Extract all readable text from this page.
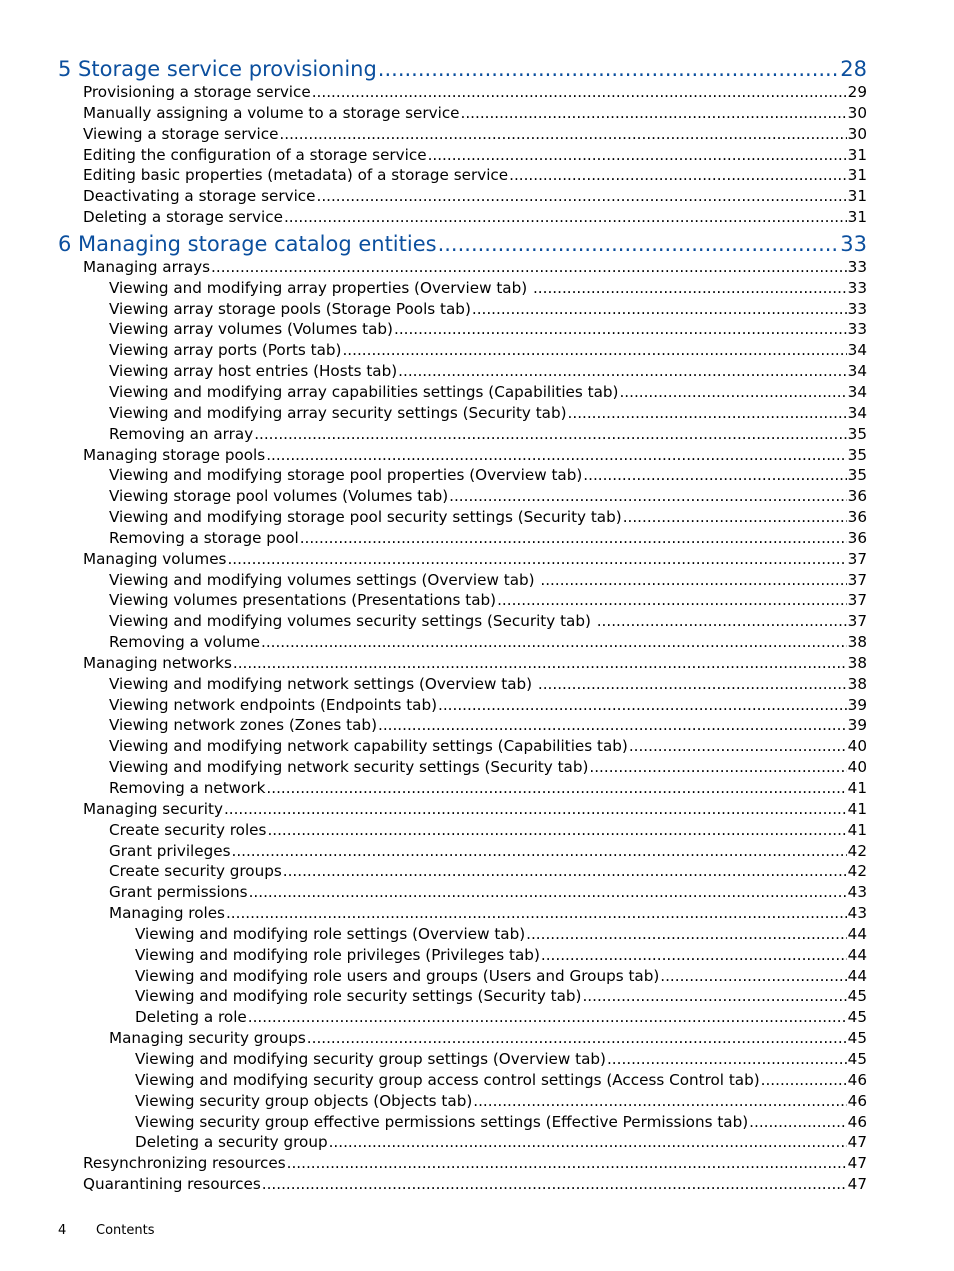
5 Storage service provisioning .....	28
Provisioning a storage service .....	29
Manually assigning a volume to a storage service .....	30
Viewing a storage service .....	30
Editing the configuration of a storage service .....	31
Editing basic properties (metadata) of a storage service .....	31
Deactivating a storage service .....	31
Deleting a storage service .....	31
6 Managing storage catalog entities .....	33
Managing arrays .....	33
Viewing and modifying array properties (Overview tab) .....	33
Viewing array storage pools (Storage Pools tab) .....	33
Viewing array volumes (Volumes tab) .....	33
Viewing array ports (Ports tab) .....	34
Viewing array host entries (Hosts tab) .....	34
Viewing and modifying array capabilities settings (Capabilities tab) .....	34
Viewing and modifying array security settings (Security tab) .....	34
Removing an array .....	35
Managing storage pools .....	35
Viewing and modifying storage pool properties (Overview tab) .....	35
Viewing storage pool volumes (Volumes tab) .....	36
Viewing and modifying storage pool security settings (Security tab) .....	36
Removing a storage pool .....	36
Managing volumes .....	37
Viewing and modifying volumes settings (Overview tab) .....	37
Viewing volumes presentations (Presentations tab) .....	37
Viewing and modifying volumes security settings (Security tab) .....	37
Removing a volume .....	38
Managing networks .....	38
Viewing and modifying network settings (Overview tab) .....	38
Viewing network endpoints (Endpoints tab) .....	39
Viewing network zones (Zones tab) .....	39
Viewing and modifying network capability settings (Capabilities tab) .....	40
Viewing and modifying network security settings (Security tab) .....	40
Removing a network .....	41
Managing security .....	41
Create security roles .....	41
Grant privileges .....	42
Create security groups .....	42
Grant permissions .....	43
Managing roles .....	43
Viewing and modifying role settings (Overview tab) .....	44
Viewing and modifying role privileges (Privileges tab) .....	44
Viewing and modifying role users and groups (Users and Groups tab) .....	44
Viewing and modifying role security settings (Security tab) .....	45
Deleting a role .....	45
Managing security groups .....	45
Viewing and modifying security group settings (Overview tab) .....	45
Viewing and modifying security group access control settings (Access Control tab) .....	46
Viewing security group objects (Objects tab) .....	46
Viewing security group effective permissions settings (Effective Permissions tab) .....	46
Deleting a security group .....	47
Resynchronizing resources .....	47
Quarantining resources .....	47
4 Contents
